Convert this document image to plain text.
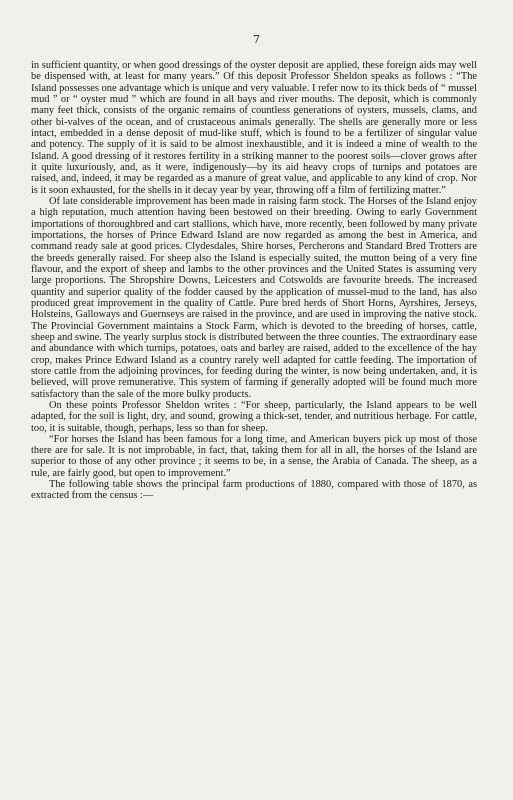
7

in sufficient quantity, or when good dressings of the oyster deposit are applied, these foreign aids may well be dispensed with, at least for many years.” Of this deposit Professor Sheldon speaks as follows : “The Island possesses one advantage which is unique and very valuable. I refer now to its thick beds of “ mussel mud ” or “ oyster mud ” which are found in all bays and river mouths. The deposit, which is commonly many feet thick, consists of the organic remains of countless generations of oysters, mussels, clams, and other bi-valves of the ocean, and of crustaceous animals generally. The shells are generally more or less intact, embedded in a dense deposit of mud-like stuff, which is found to be a fertilizer of singular value and potency. The supply of it is said to be almost inexhaustible, and it is indeed a mine of wealth to the Island. A good dressing of it restores fertility in a striking manner to the poorest soils—clover grows after it quite luxuriously, and, as it were, indigenously—by its aid heavy crops of turnips and potatoes are raised, and, indeed, it may be regarded as a manure of great value, and applicable to any kind of crop. Nor is it soon exhausted, for the shells in it decay year by year, throwing off a film of fertilizing matter.”

Of late considerable improvement has been made in raising farm stock. The Horses of the Island enjoy a high reputation, much attention having been bestowed on their breeding. Owing to early Government importations of thoroughbred and cart stallions, which have, more recently, been followed by many private importations, the horses of Prince Edward Island are now regarded as among the best in America, and command ready sale at good prices. Clydesdales, Shire horses, Percherons and Standard Bred Trotters are the breeds generally raised. For sheep also the Island is especially suited, the mutton being of a very fine flavour, and the export of sheep and lambs to the other provinces and the United States is assuming very large proportions. The Shropshire Downs, Leicesters and Cotswolds are favourite breeds. The increased quantity and superior quality of the fodder caused by the application of mussel-mud to the land, has also produced great improvement in the quality of Cattle. Pure bred herds of Short Horns, Ayrshires, Jerseys, Holsteins, Galloways and Guernseys are raised in the province, and are used in improving the native stock. The Provincial Government maintains a Stock Farm, which is devoted to the breeding of horses, cattle, sheep and swine. The yearly surplus stock is distributed between the three counties. The extraordinary ease and abundance with which turnips, potatoes, oats and barley are raised, added to the excellence of the hay crop, makes Prince Edward Island as a country rarely well adapted for cattle feeding. The importation of store cattle from the adjoining provinces, for feeding during the winter, is now being undertaken, and, it is believed, will prove remunerative. This system of farming if generally adopted will be found much more satisfactory than the sale of the more bulky products.

On these points Professor Sheldon writes : “For sheep, particularly, the Island appears to be well adapted, for the soil is light, dry, and sound, growing a thick-set, tender, and nutritious herbage. For cattle, too, it is suitable, though, perhaps, less so than for sheep.

“For horses the Island has been famous for a long time, and American buyers pick up most of those there are for sale. It is not improbable, in fact, that, taking them for all in all, the horses of the Island are superior to those of any other province ; it seems to be, in a sense, the Arabia of Canada. The sheep, as a rule, are fairly good, but open to improvement.”

The following table shows the principal farm productions of 1880, compared with those of 1870, as extracted from the census :—
